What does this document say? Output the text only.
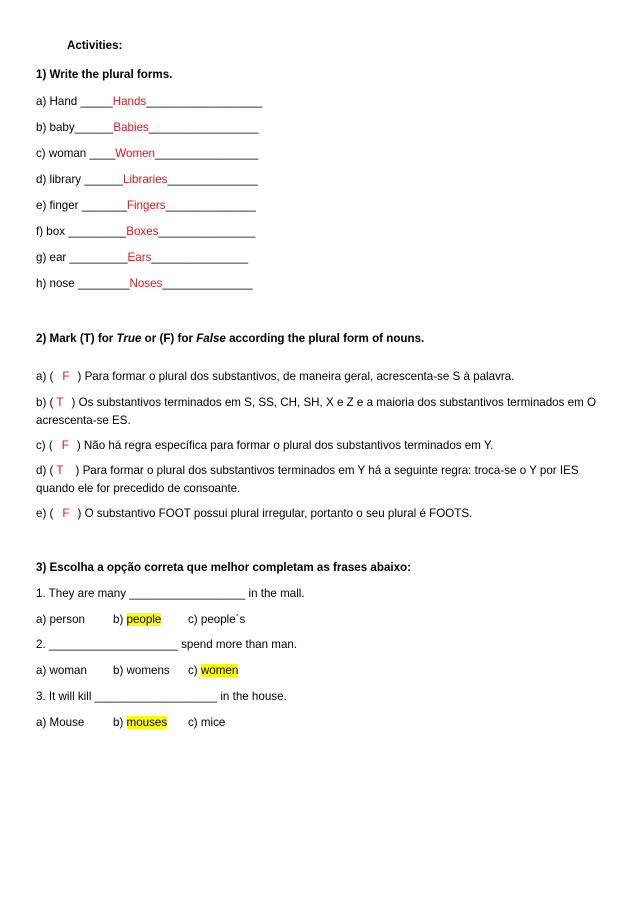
Activities:
1) Write the plural forms.
a) Hand _____Hands__________________
b) baby______Babies_________________
c) woman ____Women________________
d) library ______Libraries______________
e) finger _______Fingers______________
f) box _________Boxes_______________
g) ear _________Ears_______________
h) nose ________Noses______________
2) Mark (T) for True or (F) for False according the plural form of nouns.
a) ( F ) Para formar o plural dos substantivos, de maneira geral, acrescenta-se S à palavra.
b) ( T ) Os substantivos terminados em S, SS, CH, SH, X e Z e a maioria dos substantivos terminados em O acrescenta-se ES.
c) ( F ) Não há regra específica para formar o plural dos substantivos terminados em Y.
d) ( T ) Para formar o plural dos substantivos terminados em Y há a seguinte regra: troca-se o Y por IES quando ele for precedido de consoante.
e) ( F ) O substantivo FOOT possui plural irregular, portanto o seu plural é FOOTS.
3) Escolha a opção correta que melhor completam as frases abaixo:
1. They are many __________________ in the mall.
a) person b) people c) people´s
2. ____________________ spend more than man.
a) woman b) womens c) women
3. It will kill ___________________ in the house.
a) Mouse b) mouses c) mice
